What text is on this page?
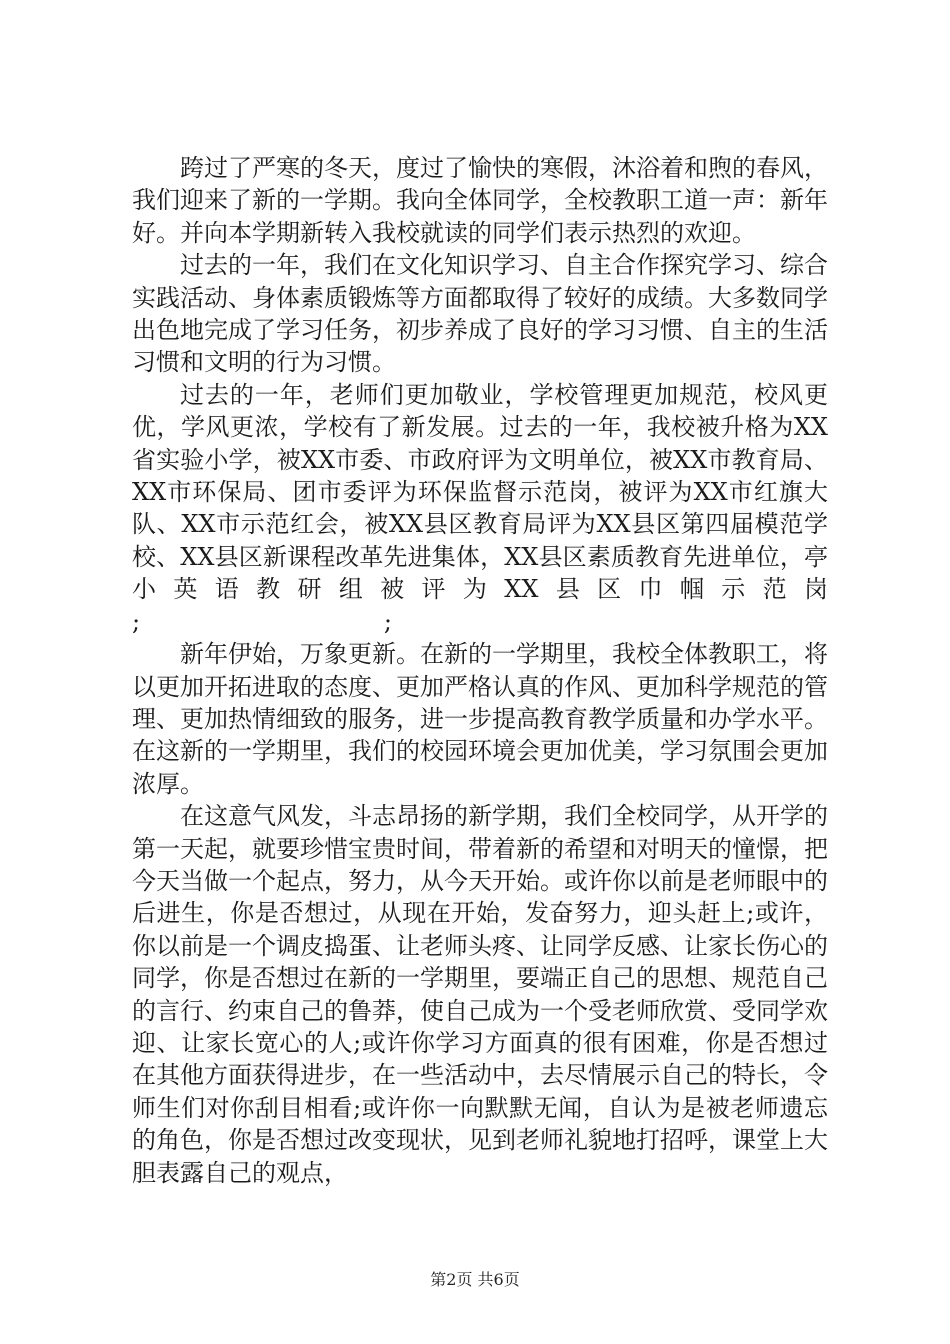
跨过了严寒的冬天，度过了愉快的寒假，沐浴着和煦的春风，我们迎来了新的一学期。我向全体同学，全校教职工道一声：新年好。并向本学期新转入我校就读的同学们表示热烈的欢迎。

过去的一年，我们在文化知识学习、自主合作探究学习、综合实践活动、身体素质锻炼等方面都取得了较好的成绩。大多数同学出色地完成了学习任务，初步养成了良好的学习习惯、自主的生活习惯和文明的行为习惯。

过去的一年，老师们更加敬业，学校管理更加规范，校风更优，学风更浓，学校有了新发展。过去的一年，我校被升格为XX省实验小学，被XX市委、市政府评为文明单位，被XX市教育局、XX市环保局、团市委评为环保监督示范岗，被评为XX市红旗大队、XX市示范红会，被XX县区教育局评为XX县区第四届模范学校、XX县区新课程改革先进集体，XX县区素质教育先进单位，亭小英语教研组被评为XX县区巾帼示范岗

;	;

新年伊始，万象更新。在新的一学期里，我校全体教职工，将以更加开拓进取的态度、更加严格认真的作风、更加科学规范的管理、更加热情细致的服务，进一步提高教育教学质量和办学水平。在这新的一学期里，我们的校园环境会更加优美，学习氛围会更加浓厚。

在这意气风发，斗志昂扬的新学期，我们全校同学，从开学的第一天起，就要珍惜宝贵时间，带着新的希望和对明天的憧憬，把今天当做一个起点，努力，从今天开始。或许你以前是老师眼中的后进生，你是否想过，从现在开始，发奋努力，迎头赶上;或许，你以前是一个调皮捣蛋、让老师头疼、让同学反感、让家长伤心的同学，你是否想过在新的一学期里，要端正自己的思想、规范自己的言行、约束自己的鲁莽，使自己成为一个受老师欣赏、受同学欢迎、让家长宽心的人;或许你学习方面真的很有困难，你是否想过在其他方面获得进步，在一些活动中，去尽情展示自己的特长，令师生们对你刮目相看;或许你一向默默无闻，自认为是被老师遗忘的角色，你是否想过改变现状，见到老师礼貌地打招呼，课堂上大胆表露自己的观点，

第2页 共6页
